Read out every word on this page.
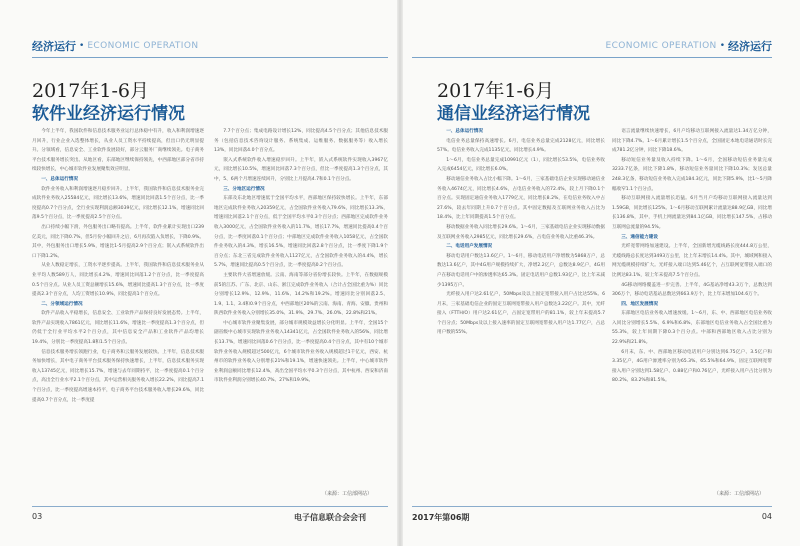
经济运行 • ECONOMIC OPERATION
2017年1-6月
软件业经济运行情况

今年上半年，我国软件和信息技术服务业运行总体稳中有升，收入和利润增速逐月回升，行业企业入选整体增长，从业人员工资水平持续提高，但出口仍无明显提升。分领域看，信息安全、工业软件发展较好，部分云服务厂商继续领先。电子商务平台技术服务增长突出。从地区看，东部地区继续保持领先，中西部地区部分省市持续较快增长，中心城市软件业发展聚集效应明显。

一、总体运行情况

软件业务收入和利润增速逐月稳步回升。上半年，我国软件和信息技术服务业完成软件业务收入25584亿元，同比增长13.6%，增速同比回落1.5个百分点，比一季度提高0.7个百分点，全行业实现利润总额3039亿元，同比增长12.1%，增速同比回落9.5个百分点，比一季度提高2.5个百分点。

出口持续小幅下滑，外包服务出口略有提高。上半年，软件业累计实现出口239亿美元，同比下降0.7%，但5月份小幅回升之后，6月再次陷入负增长，下降0.9%。其中，外包服务出口增长5.9%，增速比1-5月提高2.9个百分点；嵌入式系统软件出口下降1.2%。

从业人数稳定增长，工资水平逐步提高。上半年，我国软件和信息技术服务业从业平均人数589万人，同比增长4.2%，增速同比回落1.2个百分点，比一季度提高0.5个百分点。从业人员工资总额增长15.6%，增速同比提高1.3个百分点，比一季度提高2.3个百分点，人均工资增长10.9%，同比提高1个百分点。

二、分领域运行情况

软件产品收入平稳增长，信息安全、工业软件产品保持良好发展态势。上半年，软件产品实现收入7861亿元，同比增长11.6%，增速比一季度提高1.3个百分点，但仍低于全行业平均水平2个百分点，其中信息安全产品和工业软件产品均增长19.4%，分别比一季度提高1.8和1.5个百分点。

信息技术服务增长领跑行业，电子商务和云服务发展较快。上半年，信息技术服务加快增长，其中电子商务平台技术服务保持快速增长，上半年，信息技术服务实现收入13745亿元，同比增长15.7%，增速与去年同期持平，比一季度提高0.1个百分点，高出全行业水平2.1个百分点，其中运营相关服务收入增长22.2%，同比提高7.1个百分点，比一季度提高增速本持平，电子商务平台技术服务收入增长29.6%，同比提高0.7个百分点，比一季度提

7.7个百分点；集成电路设计增长12%，同比提高4.5个百分点；其他信息技术服务（包括信息技术咨询设计服务、系统集成、运维服务、数据服务等）收入增长13%，同比回落4.0个百分点。

嵌入式系统软件收入增速稳步回升。上半年，嵌入式系统软件实现收入3967亿元，同比增长10.5%，增速同比回落7.3个百分点，但比一季度提高1.3个百分点，其中，5、6两个月增速连续回升，分别比上月提高4.7和0.1个百分点。

三、分地区运行情况

东部及东北地区增速低于全国平均水平，西部地区保持较快增长。上半年，东部地区完成软件业务收入20359亿元，占全国软件业务收入79.6%，同比增长13.3%，增速同比回落2.1个百分点，低于全国平均水平0.3个百分点；西部地区完成软件业务收入3000亿元，占全国软件业务收入的11.7%，增长17.7%，增速同比提高0.4个百分点，比一季度回落0.1个百分点；中部地区完成软件业务收入1058亿元，占全国软件业务收入的4.3%，增长16.5%，增速同比回落2.8个百分点，比一季度下降1.9个百分点；东北三省完成软件业务收入1127亿元，占全国软件业务收入的4.4%，增长5.7%，增速同比提高0.5个百分点，比一季度提高0.2个百分点。

主要软件大省增速放缓。云南、海南等部分省份增长较快。上半年，在数据规模前5的江苏、广东、北京、山东、浙江完成软件业务收入（合计占全国比重为%）同比分别增长12.9%、12.9%、11.6%、14.2%和19.2%。增速同比分别回落2.5、1.9、1.1、3.4和0.9个百分点，中西部地区20%的云南、海南、青海、安徽、贵州和陕西软件业务收入分别增长35.0%、31.9%、29.7%、26.0%、22.8%和21%。

中心城市软件业聚集发展，部分城市规模效益增长分化明显。上半年，全国15个副省级中心城市实现软件业务收入14341亿元，占全国软件业务收入的56%，同比增长13.7%，增速同比回落0.6个百分点，比一季度提高0.4个百分点，其中有10个城市软件业务收入规模超过500亿元，6个城市软件业务收入规模超过1千亿元，西安、杭州市的软件业务收入分别增长21%和19.1%，增速快速领先。上半年，中心城市软件业利润总额同比增长12.4%，高出全国平均水平0.3个百分点，其中杭州、西安和济南市软件业利润分别增长40.7%、27%和19.9%。

（来源：工信部网站）
03	电子信息联合会会刊
ECONOMIC OPERATION • 经济运行
2017年1-6月
通信业经济运行情况

一、总体运行情况

电信业务总量保持高速增长。6月，电信业务总量完成2128亿元，同比增长57%。电信业务收入完成1135亿元，同比增长4.9%。

1～6月，电信业务总量完成10991亿元（1），同比增长53.5%，电信业务收入完成6454亿元，同比增长6.0%。

移动通信业务收入占比小幅下降。1～6月，三家基础电信企业实现移动通信业务收入4674亿元，同比增长4.6%，占电信业务收入的72.4%，较上月下降0.1个百分点。实现固定通信业务收入1779亿元，同比增长8.2%，在电信业务收入中占27.6%，较去年同期上升0.7个百分点。其中固定数据及互联网业务收入占比为18.4%，比上年同期提高1.5个百分点。

移动数据业务收入同比增长29.6%。1～6月，三家基础电信企业实现移动数据及互联网业务收入2985亿元，同比增长29.6%，占电信业务收入比重46.3%。

二、电话用户发展情况

移动电话用户数达13.6亿户。1～6月，移动电话用户净增数为5868万户，总数达13.6亿户，其中4G用户规模持续扩大，净增2.2亿户，总数达8.9亿户，4G用户在移动电话用户中的渗透率达65.3%。固定电话用户总数1.93亿户，比上年末减少1395万户。

光纤接入用户达2.61亿户，50Mbps及以上固定宽带接入用户占比达55%。6月末，三家基础电信企业的固定互联网宽带接入用户总数达3.22亿户。其中，光纤接入（FTTH/O）用户达2.61亿户，占固定宽带用户的81.1%，较上年末提高5.7个百分点；50Mbps及以上接入速率的固定互联网宽带接入用户达1.77亿户，占总用户数的55%。

语言流量继续快速增长，6月户均移动互联网接入流量达1.34万亿分钟，同比下降4.7%。1～6月累计增长1.5个百分点，全国固定本地电话通话时长完成781.2亿分钟，同比下降18.6%。

移动短信业务量及收入持续下降。1～6月，全国移动短信业务量完成3233.7亿条，同比下降1.8%，移动短信业务量同比下降10.3%；发送总量248.3亿条，移动短信业务收入完成184.3亿元，同比下降5.9%，比1～5月降幅收窄1.1个百分点。

移动互联网接入流量增长迅猛。6月当月户均移动互联网接入流量达到1.59GB，同比增长125%。1～6月移动互联网累计流量达88.9亿GB，同比增长136.8%，其中，手机上网流量达到84.1亿GB，同比增长147.5%，占移动互联网总流量的94.5%。

三、通信能力建设

光纤宽带网络加速建设。上半年，全国新增光缆线路长度444.8万公里，光缆线路总长度达到3493万公里，比上年末增长14.4%。其中，城域网和接入网光缆规模持续扩大。光纤接入端口达到5.46亿个，占互联网宽带接入端口的比例达83.1%，较上年末提高7.5个百分点。

4G移动网络覆盖进一步完善。上半年，4G基站净增43.3万个，总数达到306万个，移动电话基站总数达到663.9万个，比上年末增加104.6万个。

四、地区发展情况

东部地区电信业务收入增速放缓。1～6月，东、中、西部地区电信业务收入同比分别增长5.5%、6.9%和6.8%，东部地区电信业务收入占全国比重为55.3%，较上年同期下降0.3个百分点。中部和西部地区收入占比分别为22.9%和21.8%。

6月末，东、中、西部地区移动电话用户分别达到6.75亿户、3.5亿户和3.35亿户，4G用户渗透率分别为65.3%、65.5%和64.9%，固定互联网宽带接入用户分别达到1.58亿户、0.88亿户和0.76亿户，光纤接入用户占比分别为80.2%、83.2%和81.5%。

（来源：工信部网站）
2017年第06期	04
